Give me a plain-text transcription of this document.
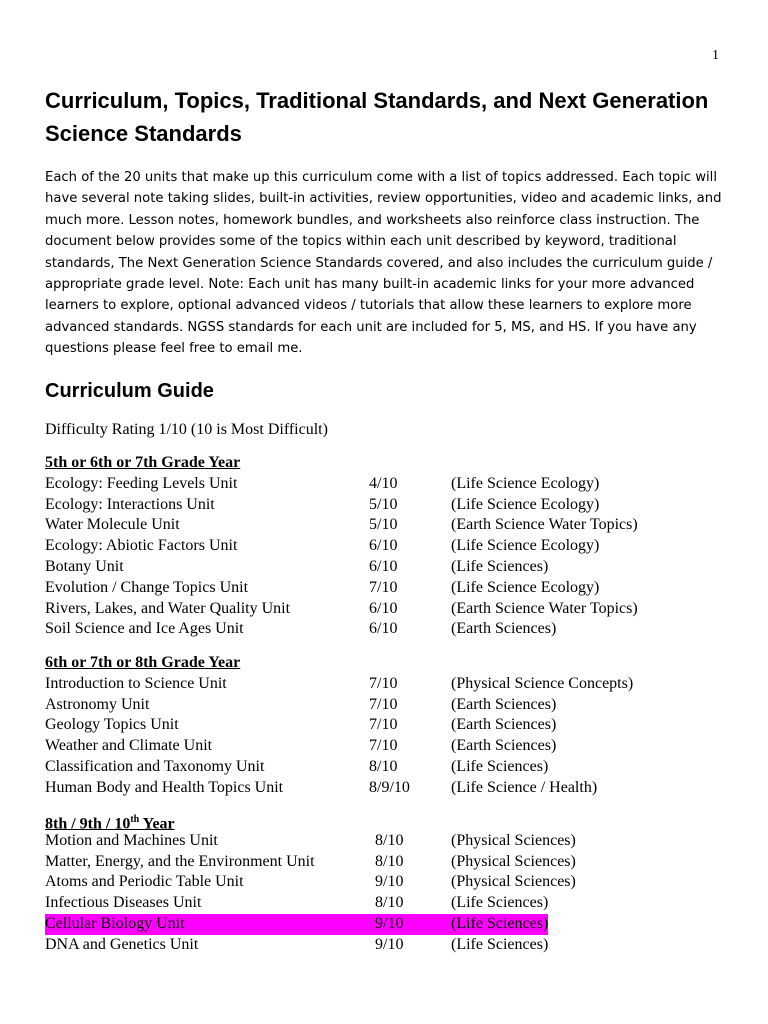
1
Curriculum, Topics, Traditional Standards, and Next Generation Science Standards

Each of the 20 units that make up this curriculum come with a list of topics addressed. Each topic will have several note taking slides, built-in activities, review opportunities, video and academic links, and much more. Lesson notes, homework bundles, and worksheets also reinforce class instruction. The document below provides some of the topics within each unit described by keyword, traditional standards, The Next Generation Science Standards covered, and also includes the curriculum guide / appropriate grade level. Note: Each unit has many built-in academic links for your more advanced learners to explore, optional advanced videos / tutorials that allow these learners to explore more advanced standards. NGSS standards for each unit are included for 5, MS, and HS. If you have any questions please feel free to email me.

Curriculum Guide
Difficulty Rating 1/10 (10 is Most Difficult)
5th or 6th or 7th Grade Year
Ecology: Feeding Levels Unit	4/10	(Life Science Ecology)
Ecology: Interactions Unit	5/10	(Life Science Ecology)
Water Molecule Unit	5/10	(Earth Science Water Topics)
Ecology: Abiotic Factors Unit	6/10	(Life Science Ecology)
Botany Unit	6/10	(Life Sciences)
Evolution / Change Topics Unit	7/10	(Life Science Ecology)
Rivers, Lakes, and Water Quality Unit	6/10	(Earth Science Water Topics)
Soil Science and Ice Ages Unit	6/10	(Earth Sciences)
6th or 7th or 8th Grade Year
Introduction to Science Unit	7/10	(Physical Science Concepts)
Astronomy Unit	7/10	(Earth Sciences)
Geology Topics Unit	7/10	(Earth Sciences)
Weather and Climate Unit	7/10	(Earth Sciences)
Classification and Taxonomy Unit	8/10	(Life Sciences)
Human Body and Health Topics Unit	8/9/10	(Life Science / Health)
8th / 9th / 10th Year
Motion and Machines Unit	8/10	(Physical Sciences)
Matter, Energy, and the Environment Unit	8/10	(Physical Sciences)
Atoms and Periodic Table Unit	9/10	(Physical Sciences)
Infectious Diseases Unit	8/10	(Life Sciences)
Cellular Biology Unit	9/10	(Life Sciences)
DNA and Genetics Unit	9/10	(Life Sciences)
